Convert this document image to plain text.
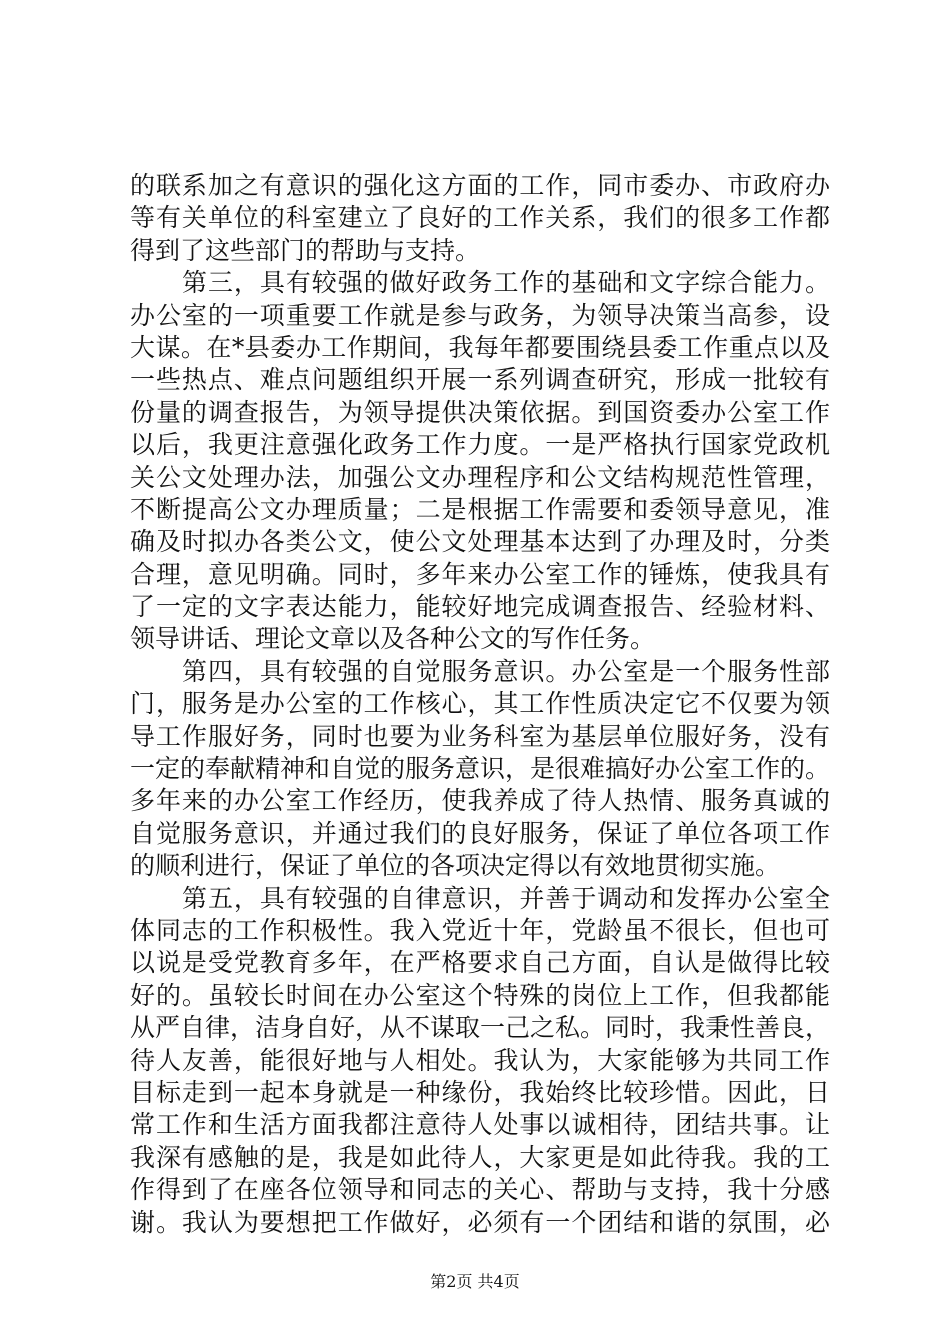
的联系加之有意识的强化这方面的工作，同市委办、市政府办
等有关单位的科室建立了良好的工作关系，我们的很多工作都
得到了这些部门的帮助与支持。
第三，具有较强的做好政务工作的基础和文字综合能力。
办公室的一项重要工作就是参与政务，为领导决策当高参，设
大谋。在*县委办工作期间，我每年都要围绕县委工作重点以及
一些热点、难点问题组织开展一系列调查研究，形成一批较有
份量的调查报告，为领导提供决策依据。到国资委办公室工作
以后，我更注意强化政务工作力度。一是严格执行国家党政机
关公文处理办法，加强公文办理程序和公文结构规范性管理，
不断提高公文办理质量；二是根据工作需要和委领导意见，准
确及时拟办各类公文，使公文处理基本达到了办理及时，分类
合理，意见明确。同时，多年来办公室工作的锤炼，使我具有
了一定的文字表达能力，能较好地完成调查报告、经验材料、
领导讲话、理论文章以及各种公文的写作任务。
第四，具有较强的自觉服务意识。办公室是一个服务性部
门，服务是办公室的工作核心，其工作性质决定它不仅要为领
导工作服好务，同时也要为业务科室为基层单位服好务，没有
一定的奉献精神和自觉的服务意识，是很难搞好办公室工作的。
多年来的办公室工作经历，使我养成了待人热情、服务真诚的
自觉服务意识，并通过我们的良好服务，保证了单位各项工作
的顺利进行，保证了单位的各项决定得以有效地贯彻实施。
第五，具有较强的自律意识，并善于调动和发挥办公室全
体同志的工作积极性。我入党近十年，党龄虽不很长，但也可
以说是受党教育多年，在严格要求自己方面，自认是做得比较
好的。虽较长时间在办公室这个特殊的岗位上工作，但我都能
从严自律，洁身自好，从不谋取一己之私。同时，我秉性善良，
待人友善，能很好地与人相处。我认为，大家能够为共同工作
目标走到一起本身就是一种缘份，我始终比较珍惜。因此，日
常工作和生活方面我都注意待人处事以诚相待，团结共事。让
我深有感触的是，我是如此待人，大家更是如此待我。我的工
作得到了在座各位领导和同志的关心、帮助与支持，我十分感
谢。我认为要想把工作做好，必须有一个团结和谐的氛围，必
第2页 共4页
